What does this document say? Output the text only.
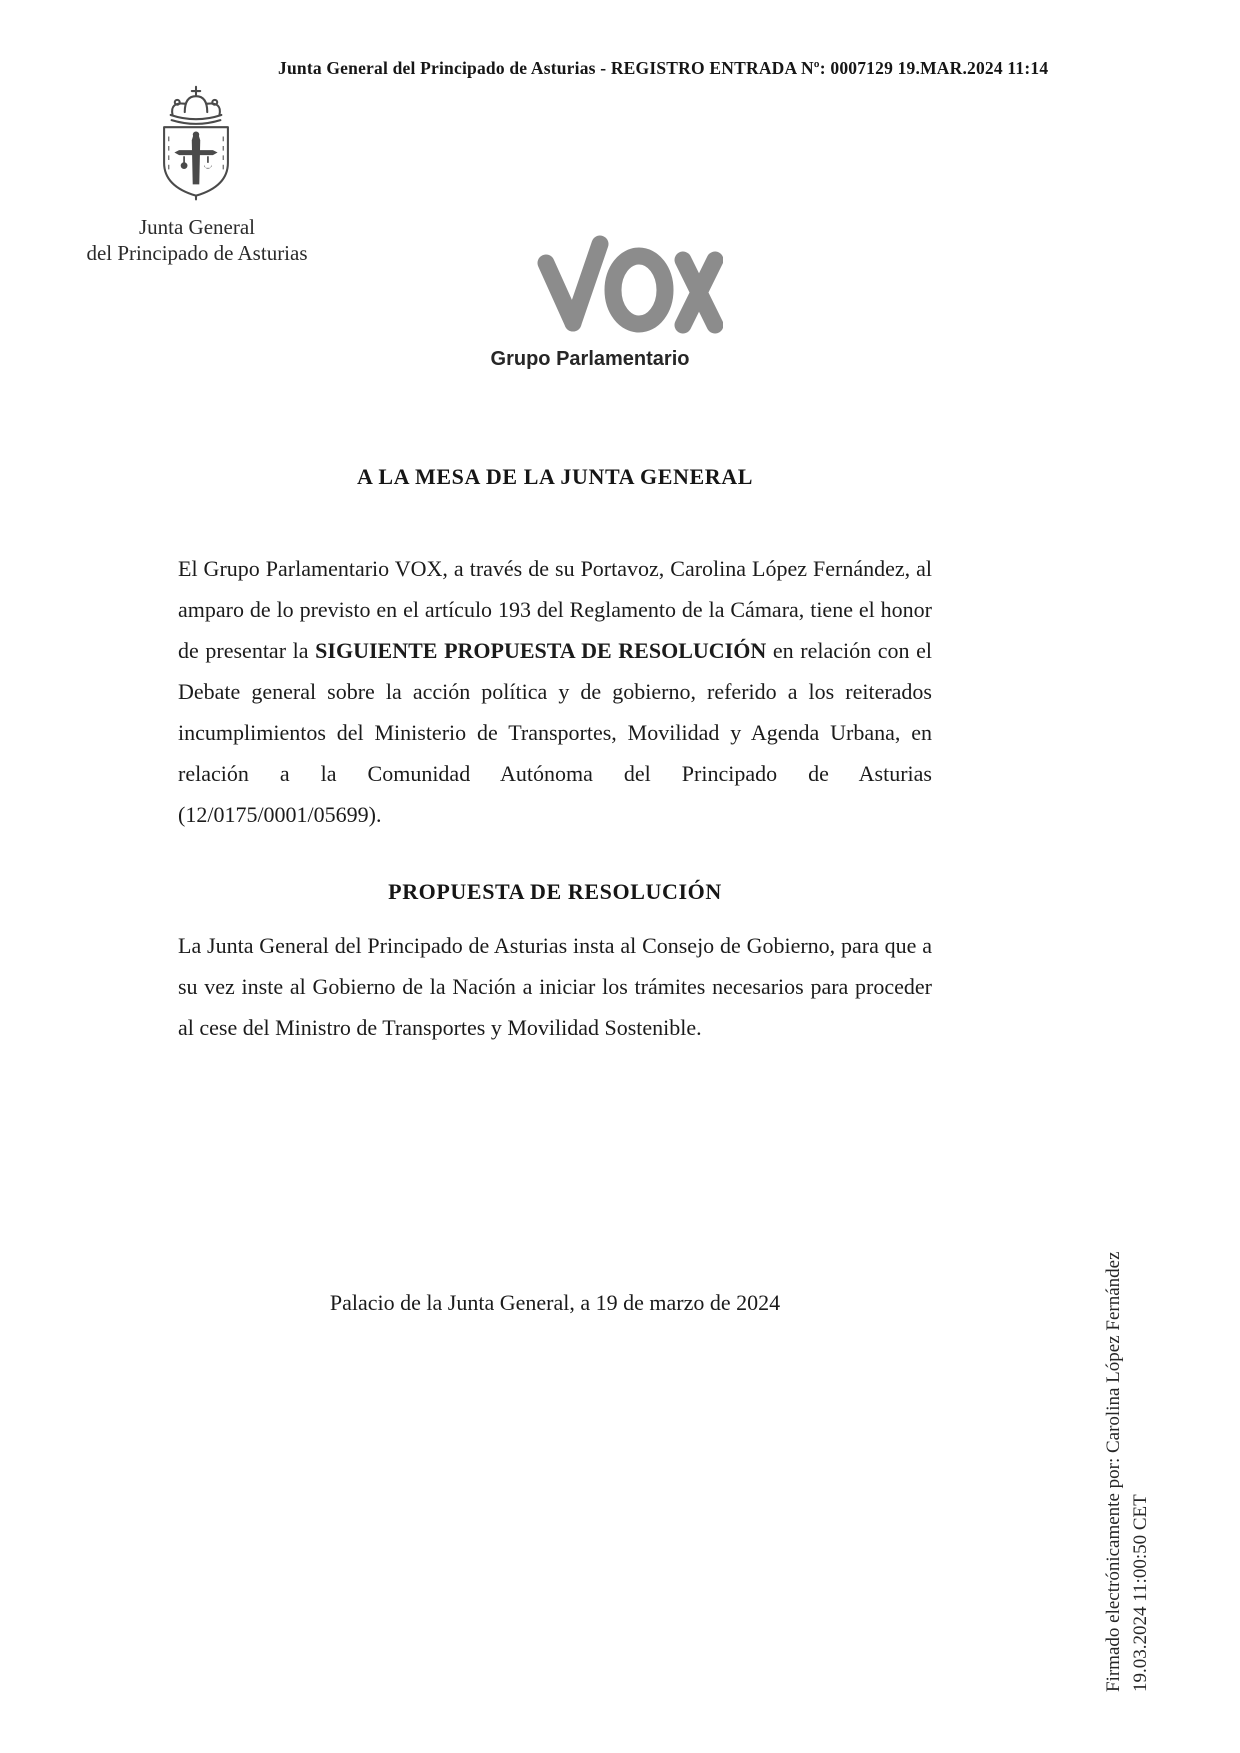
Junta General del Principado de Asturias - REGISTRO ENTRADA Nº: 0007129 19.MAR.2024 11:14
Junta General
del Principado de Asturias
Grupo Parlamentario
A LA MESA DE LA JUNTA GENERAL
El Grupo Parlamentario VOX, a través de su Portavoz, Carolina López Fernández, al amparo de lo previsto en el artículo 193 del Reglamento de la Cámara, tiene el honor de presentar la SIGUIENTE PROPUESTA DE RESOLUCIÓN en relación con el Debate general sobre la acción política y de gobierno, referido a los reiterados incumplimientos del Ministerio de Transportes, Movilidad y Agenda Urbana, en relación a la Comunidad Autónoma del Principado de Asturias (12/0175/0001/05699).
PROPUESTA DE RESOLUCIÓN
La Junta General del Principado de Asturias insta al Consejo de Gobierno, para que a su vez inste al Gobierno de la Nación a iniciar los trámites necesarios para proceder al cese del Ministro de Transportes y Movilidad Sostenible.
Palacio de la Junta General, a 19 de marzo de 2024	Firmado electrónicamente por: Carolina López Fernández 19.03.2024 11:00:50 CET
